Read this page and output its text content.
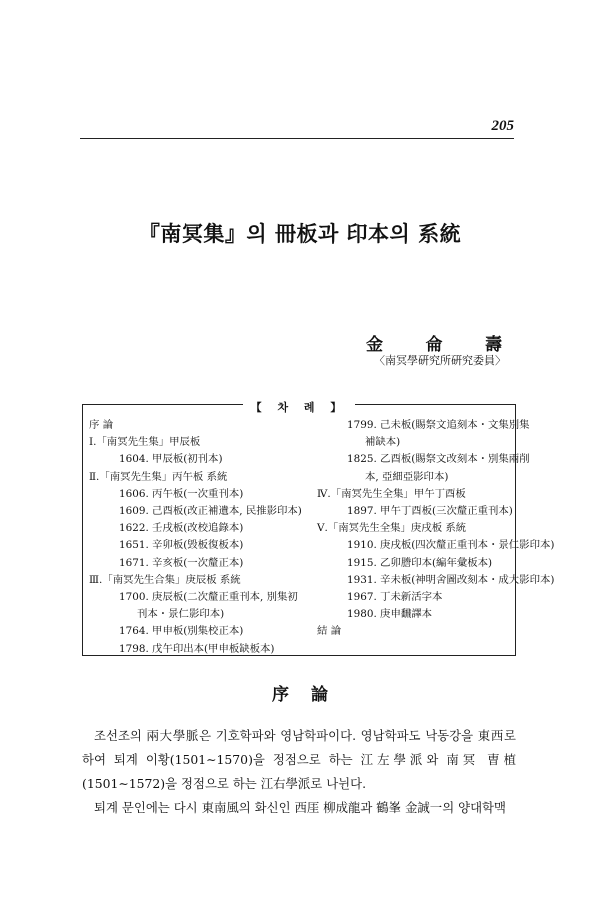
205
『南冥集』의 冊板과 印本의 系統
金	侖	壽
〈南冥學硏究所硏究委員〉
【 차 례 】
序 論
Ⅰ.「南冥先生集」甲辰板
1604. 甲辰板(初刊本)
Ⅱ.「南冥先生集」丙午板 系統
1606. 丙午板(一次重刊本)
1609. 己酉板(改正補遺本, 民推影印本)
1622. 壬戌板(改校追錄本)
1651. 辛卯板(毁板復板本)
1671. 辛亥板(一次釐正本)
Ⅲ.「南冥先生合集」庚辰板 系統
1700. 庚辰板(二次釐正重刊本, 別集初
刊本・景仁影印本)
1764. 甲申板(別集校正本)
1798. 戊午印出本(甲申板缺板本)
1799. 己未板(賜祭文追刻本・文集別集
補缺本)
1825. 乙酉板(賜祭文改刻本・別集兩削
本, 亞細亞影印本)
Ⅳ.「南冥先生全集」甲午丁酉板
1897. 甲午丁酉板(三次釐正重刊本)
Ⅴ.「南冥先生全集」庚戌板 系統
1910. 庚戌板(四次釐正重刊本・景仁影印本)
1915. 乙卯謄印本(編年彙板本)
1931. 辛未板(神明舍圖改刻本・成大影印本)
1967. 丁未新活字本
1980. 庚申飜譯本
結 論
序論

조선조의 兩大學脈은 기호학파와 영남학파이다. 영남학파도 낙동강을 東西로 하여 퇴계 이황(1501∼1570)을 정점으로 하는 江左學派와 南冥 曺植(1501∼1572)을 정점으로 하는 江右學派로 나뉜다.

퇴계 문인에는 다시 東南風의 화신인 西厓 柳成龍과 鶴峯 金誠一의 양대학맥
